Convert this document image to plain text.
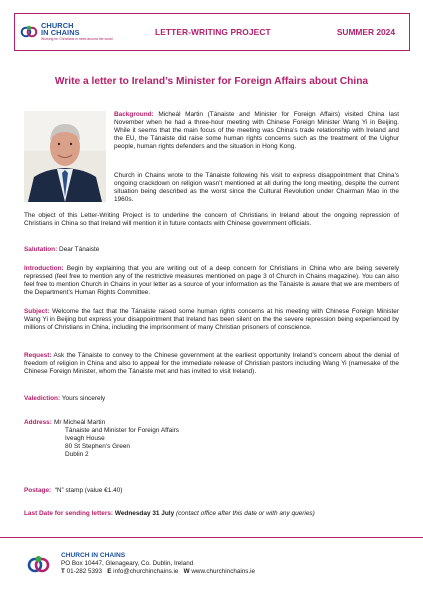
CHURCH
IN CHAINS
Working for Christians in need around the world
LETTER-WRITING PROJECT	SUMMER 2024
Write a letter to Ireland’s Minister for Foreign Affairs about China
Background: Micheál Martin (Tánaiste and Minister for Foreign Affairs) visited China last November when he had a three-hour meeting with Chinese Foreign Minister Wang Yi in Beijing. While it seems that the main focus of the meeting was China’s trade relationship with Ireland and the EU, the Tánaiste did raise some human rights concerns such as the treatment of the Uighur people, human rights defenders and the situation in Hong Kong.
Church in Chains wrote to the Tánaiste following his visit to express disappointment that China’s ongoing crackdown on religion wasn’t mentioned at all during the long meeting, despite the current situation being described as the worst since the Cultural Revolution under Chairman Mao in the 1960s.
The object of this Letter-Writing Project is to underline the concern of Christians in Ireland about the ongoing repression of Christians in China so that Ireland will mention it in future contacts with Chinese government officials.
Salutation: Dear Tánaiste
Introduction: Begin by explaining that you are writing out of a deep concern for Christians in China who are being severely repressed (feel free to mention any of the restrictive measures mentioned on page 3 of Church in Chains magazine). You can also feel free to mention Church in Chains in your letter as a source of your information as the Tánaiste is aware that we are members of the Department’s Human Rights Committee.
Subject: Welcome the fact that the Tánaiste raised some human rights concerns at his meeting with Chinese Foreign Minister Wang Yi in Beijing but express your disappointment that Ireland has been silent on the the severe repression being experienced by millions of Christians in China, including the imprisonment of many Christian prisoners of conscience.
Request: Ask the Tánaiste to convey to the Chinese government at the earliest opportunity Ireland’s concern about the denial of freedom of religion in China and also to appeal for the immediate release of Christian pastors including Wang Yi (namesake of the Chinese Foreign Minister, whom the Tánaiste met and has invited to visit Ireland).
Valediction: Yours sincerely
Address: Mr Micheál Martin
Tánaiste and Minister for Foreign Affairs
Iveagh House
80 St Stephen’s Green
Dublin 2
Postage:  “N” stamp (value €1.40)
Last Date for sending letters: Wednesday 31 July (contact office after this date or with any queries)
CHURCH IN CHAINS
PO Box 10447, Glenageary, Co. Dublin, Ireland
T 01-282 5393 E info@churchinchains.ie W www.churchinchains.ie
